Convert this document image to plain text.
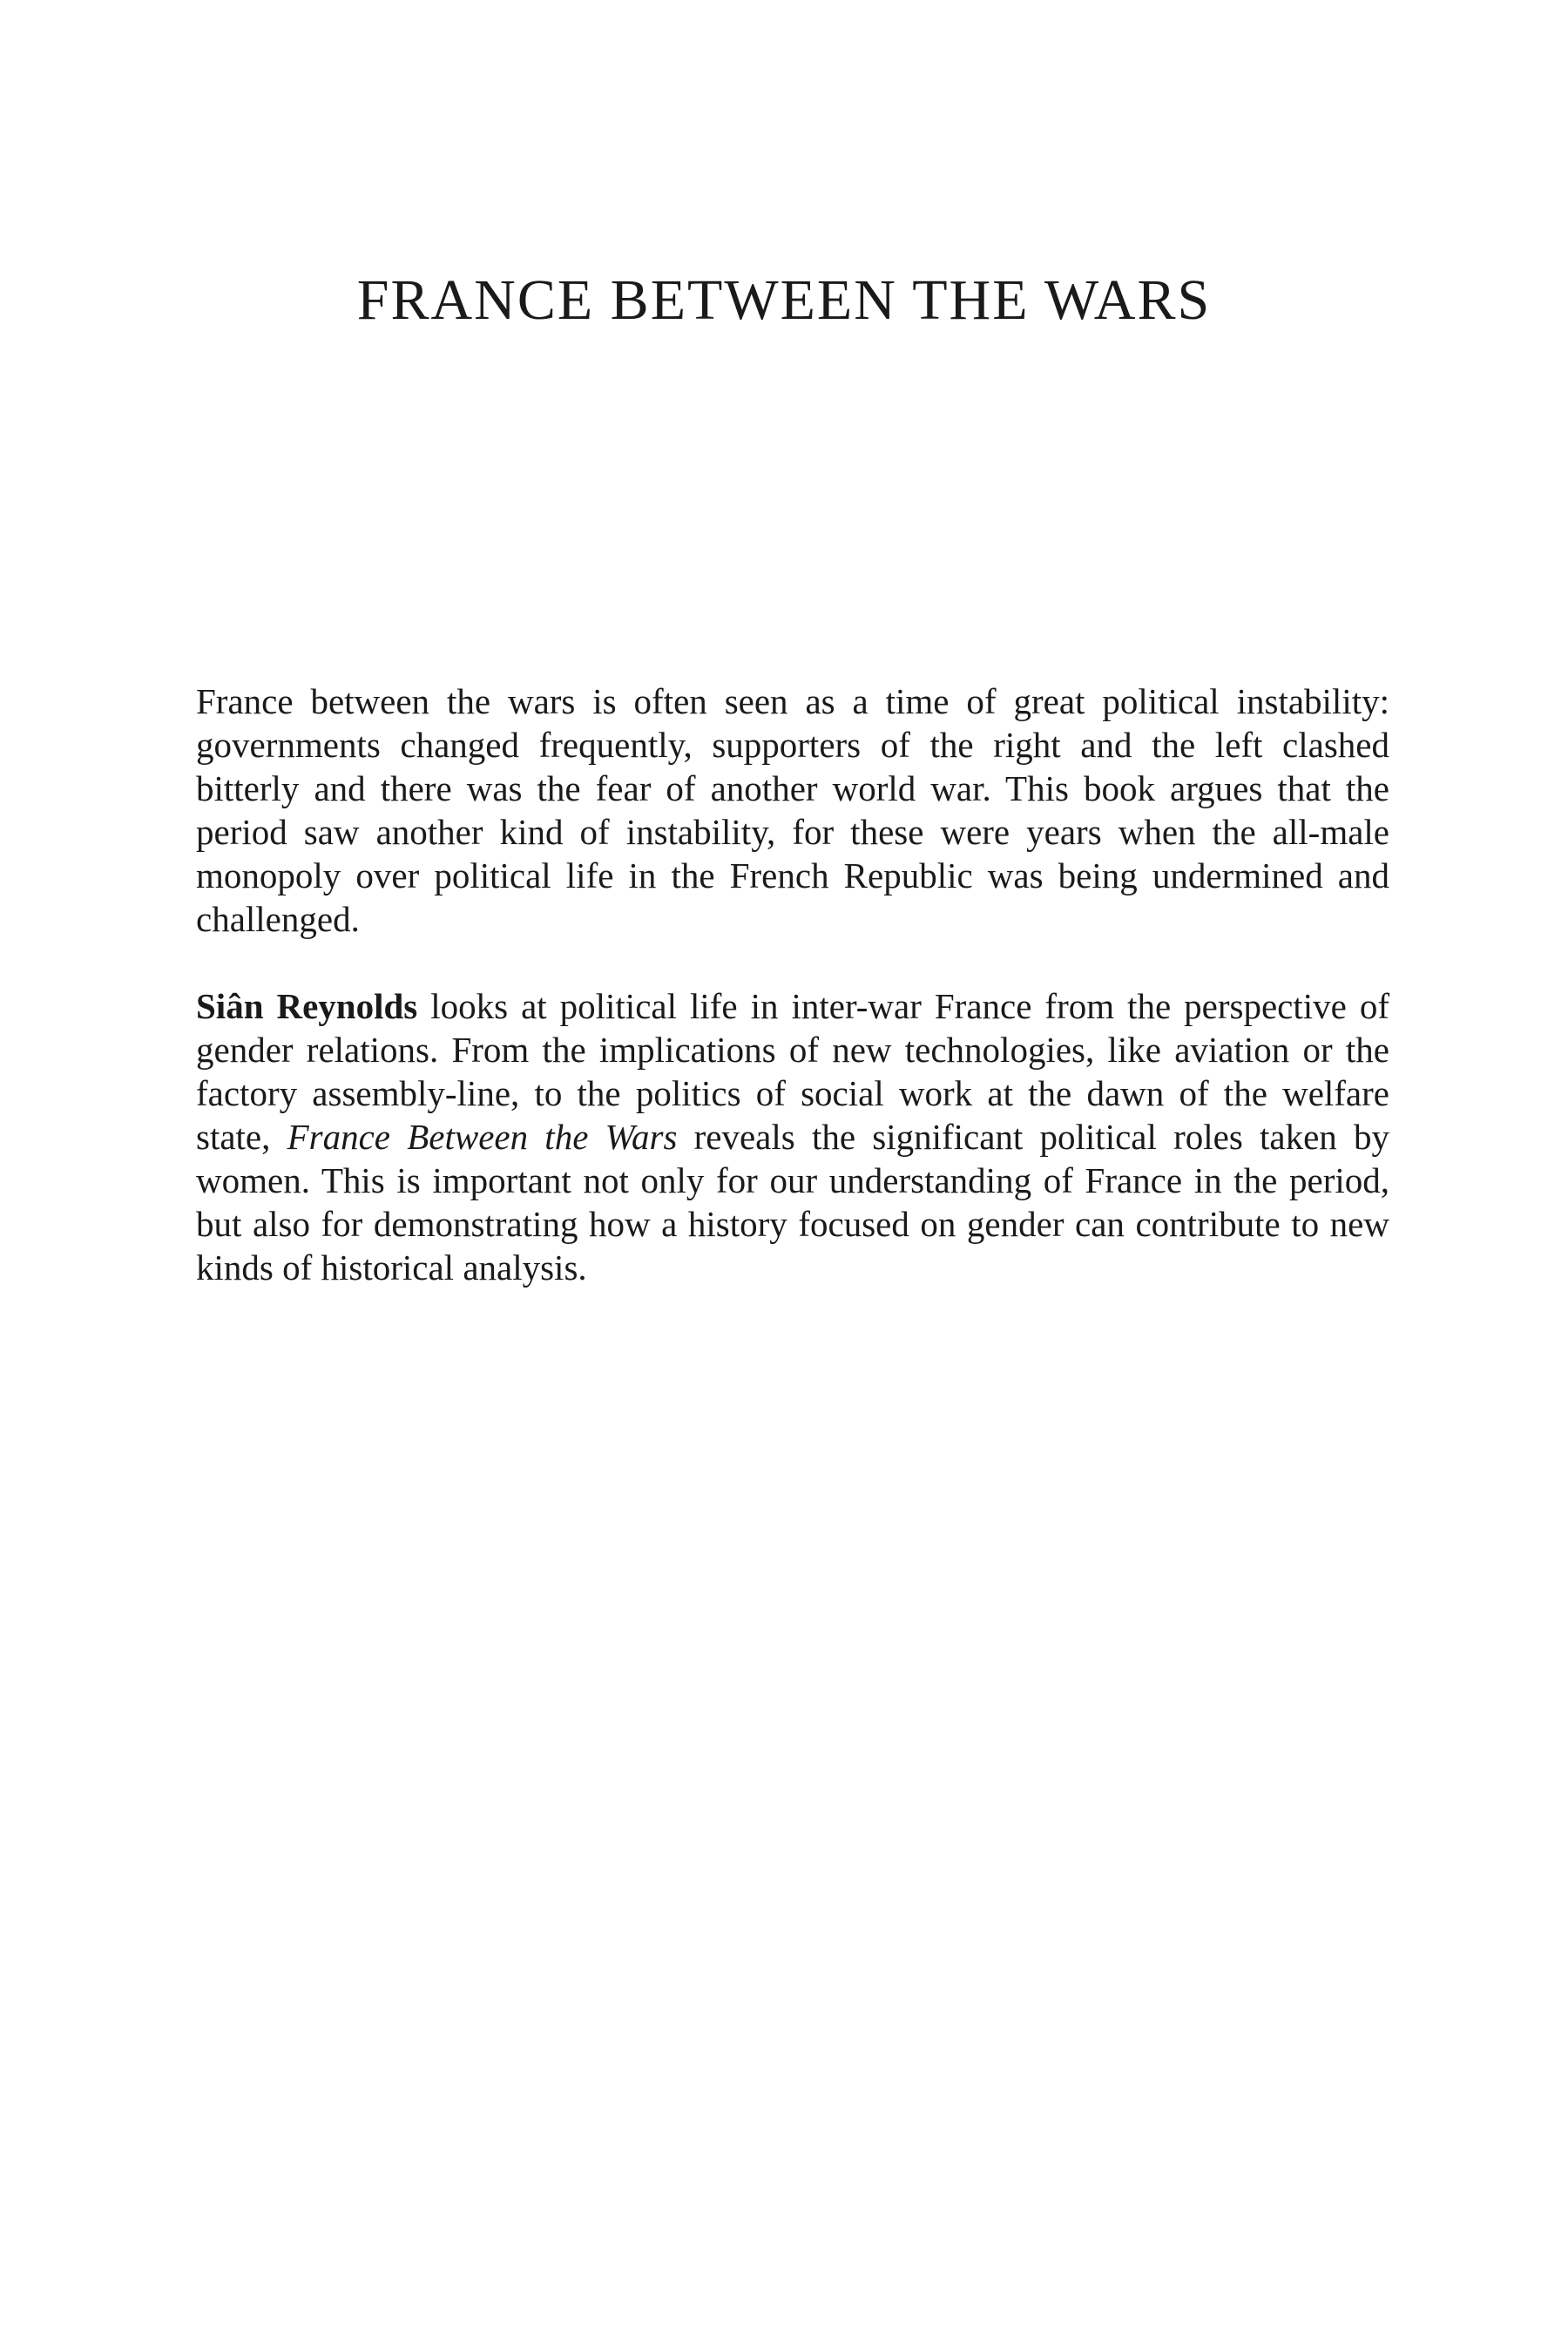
FRANCE BETWEEN THE WARS

France between the wars is often seen as a time of great political instability: governments changed frequently, supporters of the right and the left clashed bitterly and there was the fear of another world war. This book argues that the period saw another kind of instability, for these were years when the all-male monopoly over political life in the French Republic was being undermined and challenged.

Siân Reynolds looks at political life in inter-war France from the perspective of gender relations. From the implications of new technologies, like aviation or the factory assembly-line, to the politics of social work at the dawn of the welfare state, France Between the Wars reveals the significant political roles taken by women. This is important not only for our understanding of France in the period, but also for demonstrating how a history focused on gender can contribute to new kinds of historical analysis.
